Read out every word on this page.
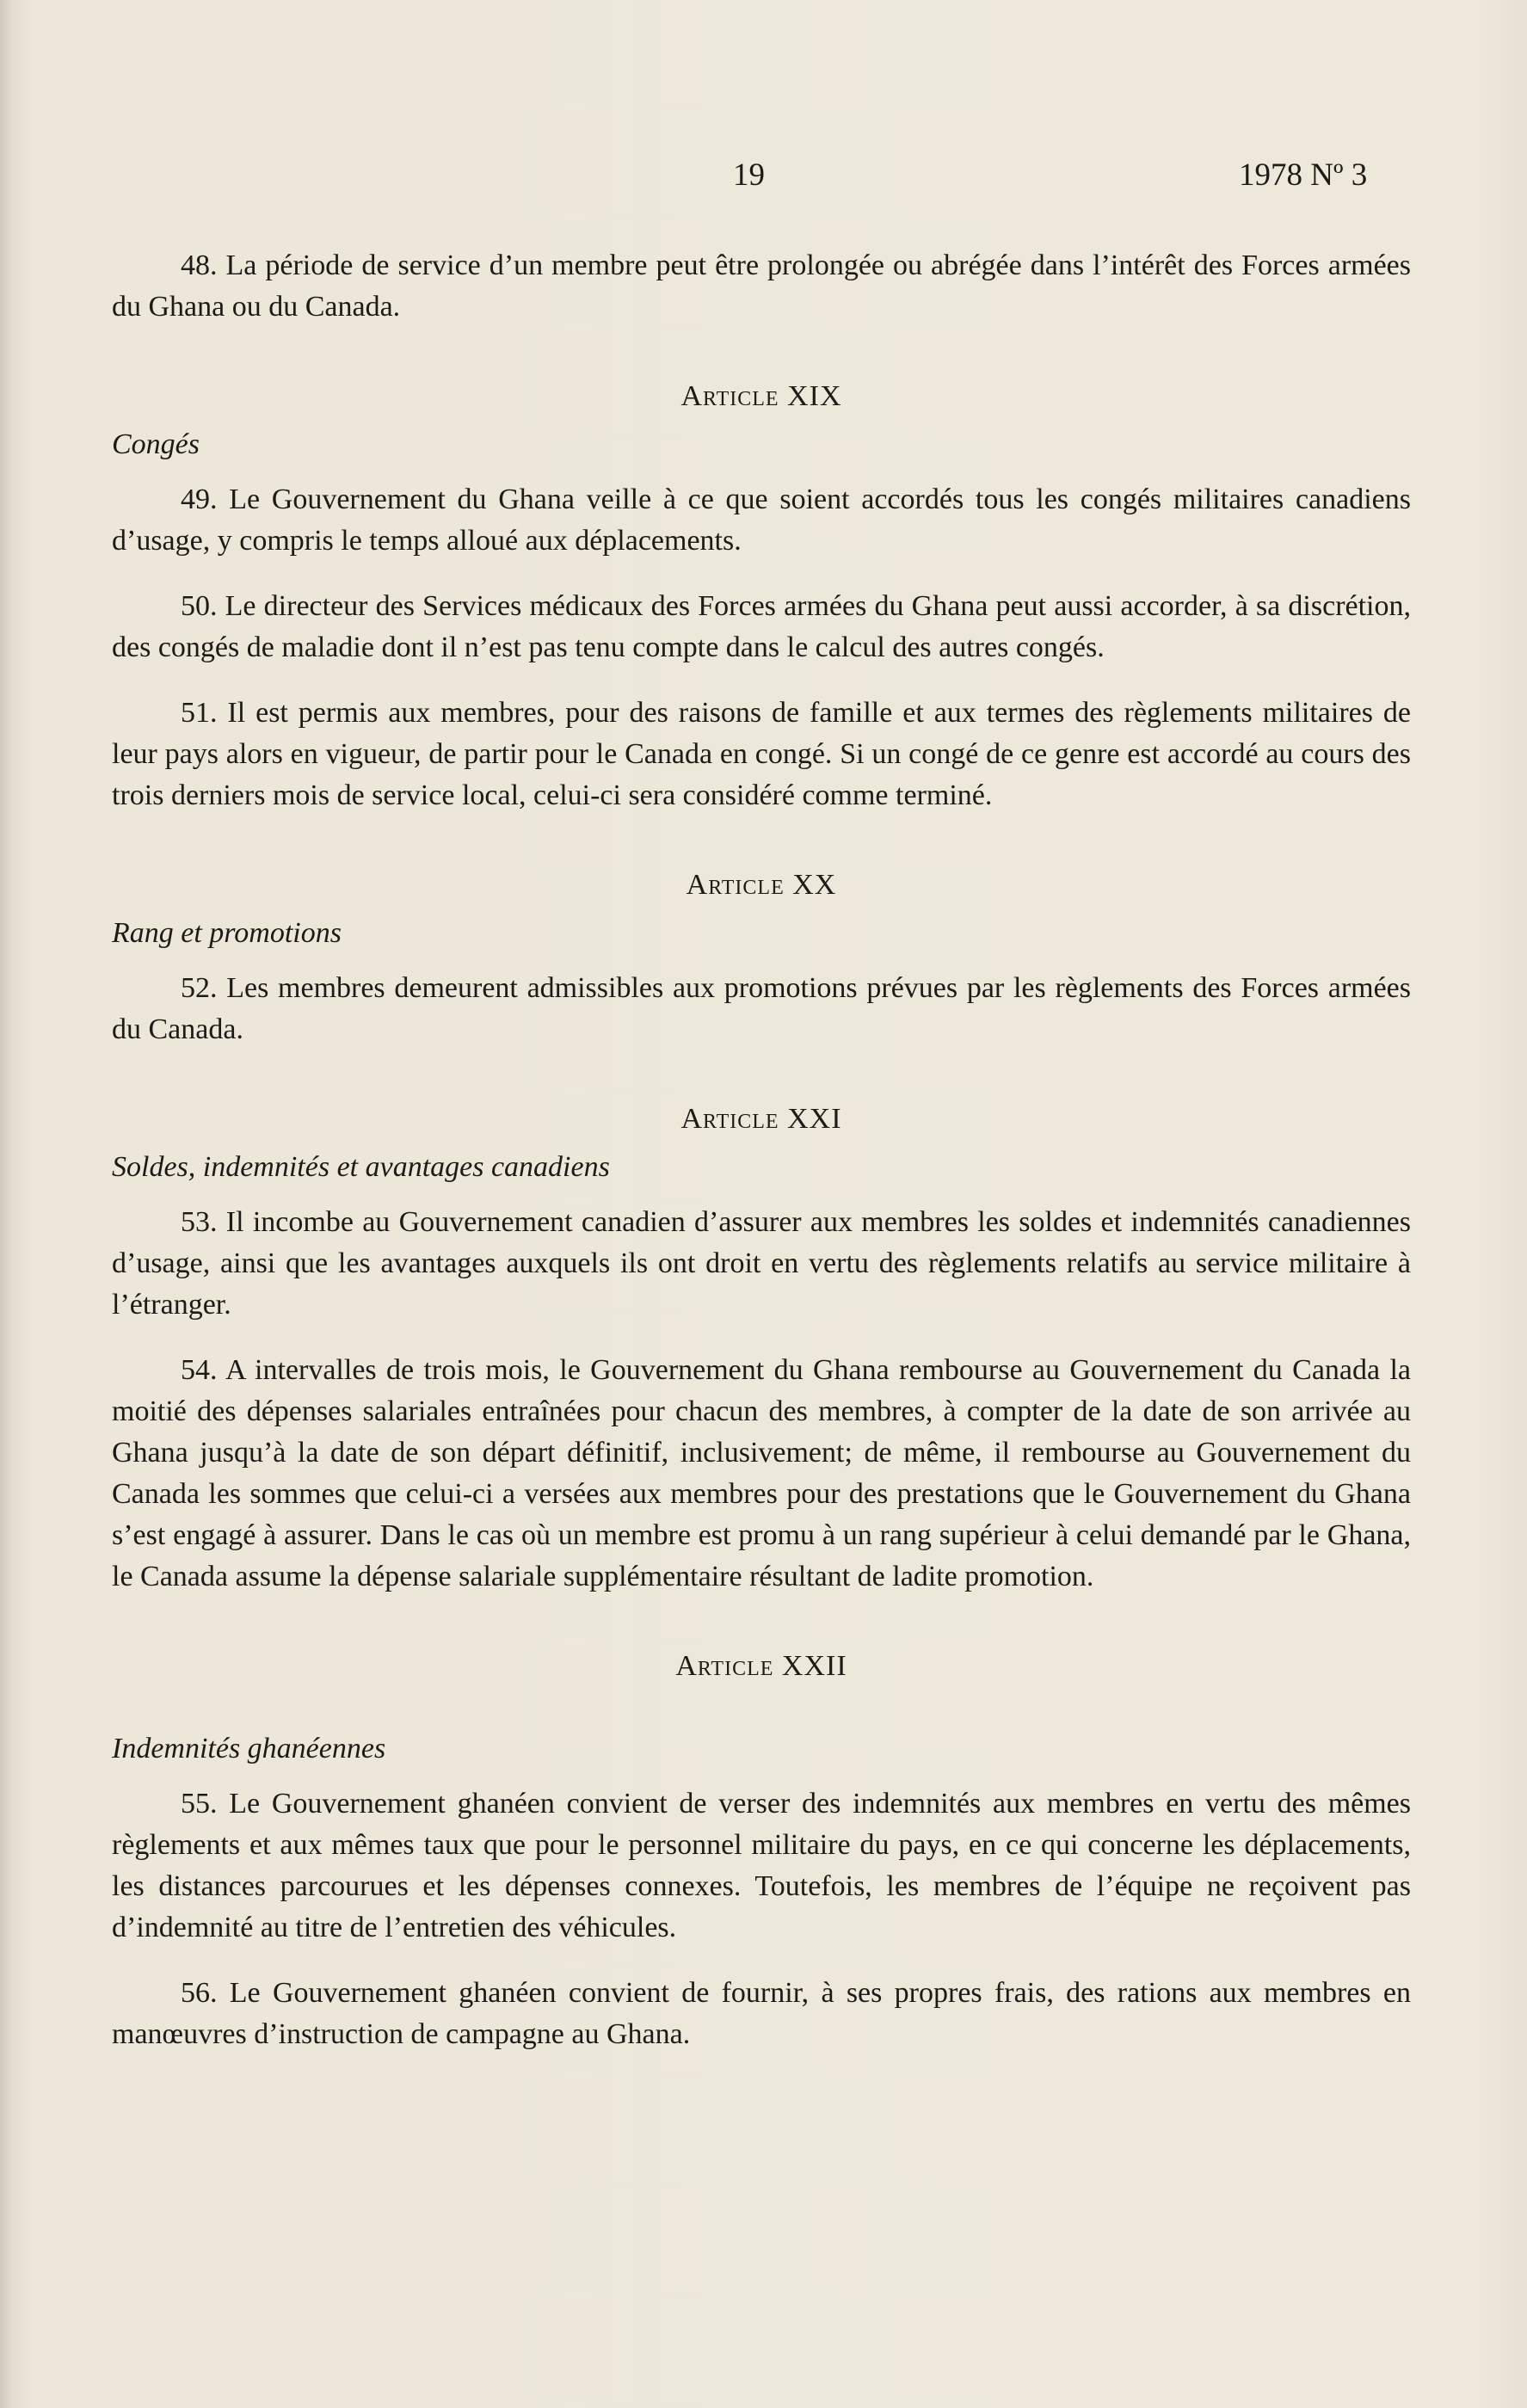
19	1978 Nº 3

48. La période de service d’un membre peut être prolongée ou abrégée dans l’intérêt des Forces armées du Ghana ou du Canada.

Article XIX
Congés

49. Le Gouvernement du Ghana veille à ce que soient accordés tous les congés militaires canadiens d’usage, y compris le temps alloué aux déplacements.

50. Le directeur des Services médicaux des Forces armées du Ghana peut aussi accorder, à sa discrétion, des congés de maladie dont il n’est pas tenu compte dans le calcul des autres congés.

51. Il est permis aux membres, pour des raisons de famille et aux termes des règlements militaires de leur pays alors en vigueur, de partir pour le Canada en congé. Si un congé de ce genre est accordé au cours des trois derniers mois de service local, celui-ci sera considéré comme terminé.

Article XX
Rang et promotions

52. Les membres demeurent admissibles aux promotions prévues par les règlements des Forces armées du Canada.

Article XXI
Soldes, indemnités et avantages canadiens

53. Il incombe au Gouvernement canadien d’assurer aux membres les soldes et indemnités canadiennes d’usage, ainsi que les avantages auxquels ils ont droit en vertu des règlements relatifs au service militaire à l’étranger.

54. A intervalles de trois mois, le Gouvernement du Ghana rembourse au Gouvernement du Canada la moitié des dépenses salariales entraînées pour chacun des membres, à compter de la date de son arrivée au Ghana jusqu’à la date de son départ définitif, inclusivement; de même, il rembourse au Gouvernement du Canada les sommes que celui-ci a versées aux membres pour des prestations que le Gouvernement du Ghana s’est engagé à assurer. Dans le cas où un membre est promu à un rang supérieur à celui demandé par le Ghana, le Canada assume la dépense salariale supplémentaire résultant de ladite promotion.

Article XXII
Indemnités ghanéennes

55. Le Gouvernement ghanéen convient de verser des indemnités aux membres en vertu des mêmes règlements et aux mêmes taux que pour le personnel militaire du pays, en ce qui concerne les déplacements, les distances parcourues et les dépenses connexes. Toutefois, les membres de l’équipe ne reçoivent pas d’indemnité au titre de l’entretien des véhicules.

56. Le Gouvernement ghanéen convient de fournir, à ses propres frais, des rations aux membres en manœuvres d’instruction de campagne au Ghana.
